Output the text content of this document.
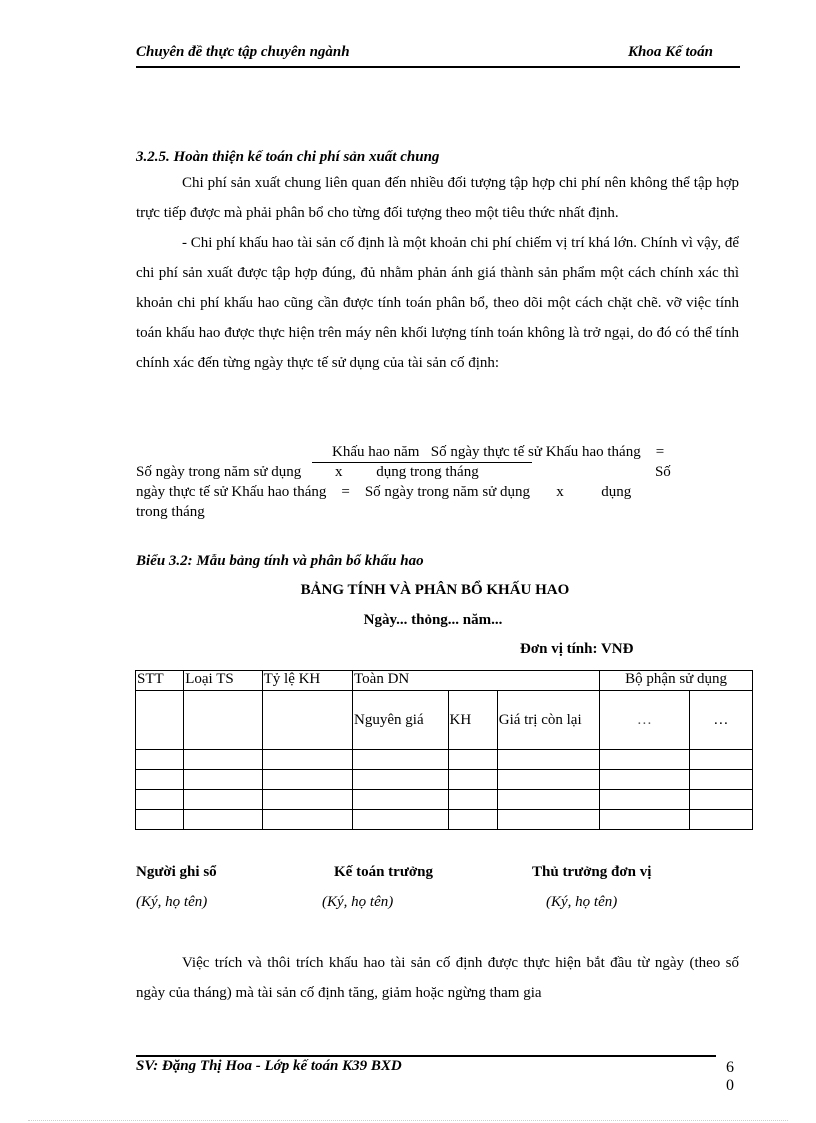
Chuyên đề thực tập chuyên ngành	Khoa Kế toán
3.2.5. Hoàn thiện kế toán chi phí sản xuất chung

Chi phí sản xuất chung liên quan đến nhiều đối tượng tập hợp chi phí nên không thể tập hợp trực tiếp được mà phải phân bổ cho từng đối tượng theo một tiêu thức nhất định.

- Chi phí khấu hao tài sản cố định là một khoản chi phí chiếm vị trí khá lớn. Chính vì vậy, để chi phí sản xuất được tập hợp đúng, đủ nhằm phản ánh giá thành sản phẩm một cách chính xác thì khoản chi phí khấu hao cũng cần được tính toán phân bổ, theo dõi một cách chặt chẽ. vỡ việc tính toán khấu hao được thực hiện trên máy nên khối lượng tính toán không là trở ngại, do đó có thể tính chính xác đến từng ngày thực tế sử dụng của tài sản cố định:

Khấu hao năm   Số ngày thực tế sử Khấu hao tháng    =
Số ngày trong năm sử dụng         x         dụng trong tháng                                               Số
ngày thực tế sử Khấu hao tháng    =    Số ngày trong năm sử dụng       x          dụng
trong tháng
Biểu 3.2: Mẫu bảng tính và phân bổ khấu hao
BẢNG TÍNH VÀ PHÂN BỔ KHẤU HAO
Ngày... thỏng... năm...
Đơn vị tính: VNĐ
STT	Loại TS	Tỷ lệ KH	Toàn DN			Bộ phận sử dụng	
			Nguyên giá	KH	Giá trị còn lại	…	…

Người ghi sổ	Kế toán trưởng	Thủ trưởng đơn vị
(Ký, họ tên)	(Ký, họ tên)	(Ký, họ tên)

Việc trích và thôi trích khấu hao tài sản cố định được thực hiện bắt đầu từ ngày (theo số ngày của tháng) mà tài sản cố định tăng, giảm hoặc ngừng tham gia

SV: Đặng Thị Hoa - Lớp kế toán K39 BXD	6
0
